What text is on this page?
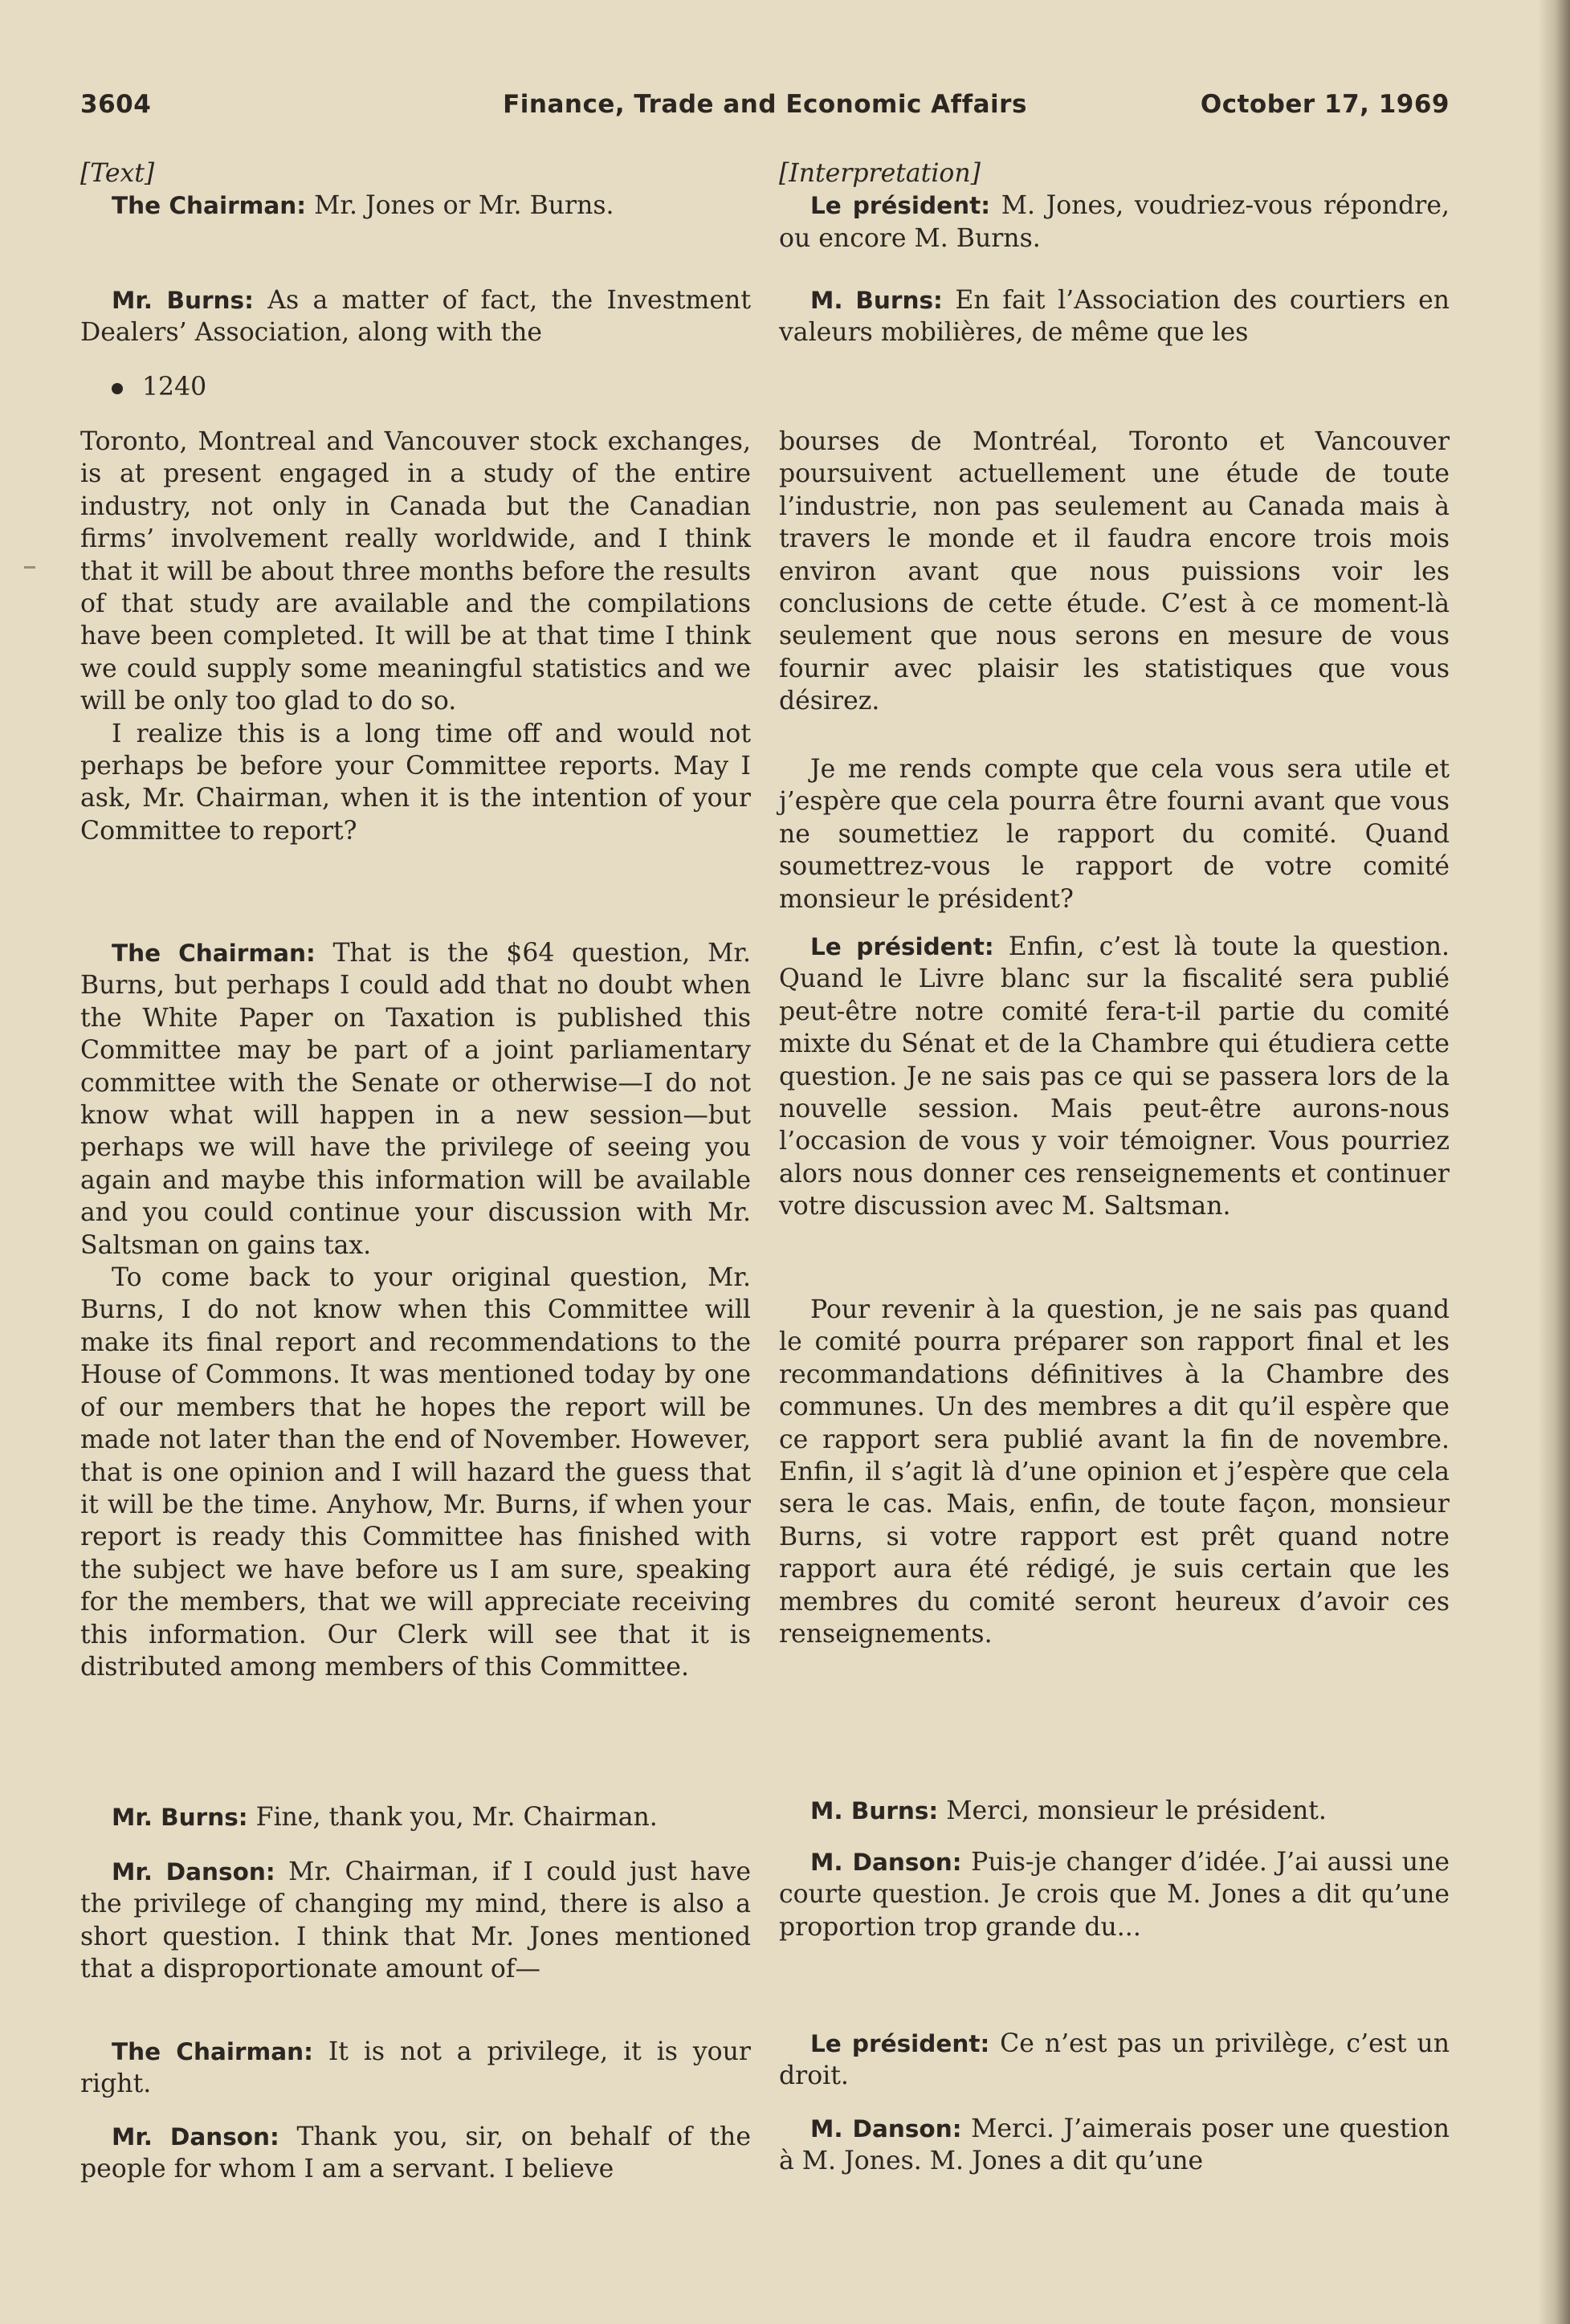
Finance, Trade and Economic Affairs
3604	October 17, 1969

[Text]

The Chairman: Mr. Jones or Mr. Burns.

Mr. Burns: As a matter of fact, the Investment Dealers’ Association, along with the

1240

Toronto, Montreal and Vancouver stock exchanges, is at present engaged in a study of the entire industry, not only in Canada but the Canadian firms’ involvement really worldwide, and I think that it will be about three months before the results of that study are available and the compilations have been completed. It will be at that time I think we could supply some meaningful statistics and we will be only too glad to do so.

I realize this is a long time off and would not perhaps be before your Committee reports. May I ask, Mr. Chairman, when it is the intention of your Committee to report?

The Chairman: That is the $64 question, Mr. Burns, but perhaps I could add that no doubt when the White Paper on Taxation is published this Committee may be part of a joint parliamentary committee with the Senate or otherwise—I do not know what will happen in a new session—but perhaps we will have the privilege of seeing you again and maybe this information will be available and you could continue your discussion with Mr. Saltsman on gains tax.

To come back to your original question, Mr. Burns, I do not know when this Committee will make its final report and recommendations to the House of Commons. It was mentioned today by one of our members that he hopes the report will be made not later than the end of November. However, that is one opinion and I will hazard the guess that it will be the time. Anyhow, Mr. Burns, if when your report is ready this Committee has finished with the subject we have before us I am sure, speaking for the members, that we will appreciate receiving this information. Our Clerk will see that it is distributed among members of this Committee.

Mr. Burns: Fine, thank you, Mr. Chairman.

Mr. Danson: Mr. Chairman, if I could just have the privilege of changing my mind, there is also a short question. I think that Mr. Jones mentioned that a disproportionate amount of—

The Chairman: It is not a privilege, it is your right.

Mr. Danson: Thank you, sir, on behalf of the people for whom I am a servant. I believe

[Interpretation]

Le président: M. Jones, voudriez-vous répondre, ou encore M. Burns.

M. Burns: En fait l’Association des courtiers en valeurs mobilières, de même que les

bourses de Montréal, Toronto et Vancouver poursuivent actuellement une étude de toute l’industrie, non pas seulement au Canada mais à travers le monde et il faudra encore trois mois environ avant que nous puissions voir les conclusions de cette étude. C’est à ce moment-là seulement que nous serons en mesure de vous fournir avec plaisir les statistiques que vous désirez.

Je me rends compte que cela vous sera utile et j’espère que cela pourra être fourni avant que vous ne soumettiez le rapport du comité. Quand soumettrez-vous le rapport de votre comité monsieur le président?

Le président: Enfin, c’est là toute la question. Quand le Livre blanc sur la fiscalité sera publié peut-être notre comité fera-t-il partie du comité mixte du Sénat et de la Chambre qui étudiera cette question. Je ne sais pas ce qui se passera lors de la nouvelle session. Mais peut-être aurons-nous l’occasion de vous y voir témoigner. Vous pourriez alors nous donner ces renseignements et continuer votre discussion avec M. Saltsman.

Pour revenir à la question, je ne sais pas quand le comité pourra préparer son rapport final et les recommandations définitives à la Chambre des communes. Un des membres a dit qu’il espère que ce rapport sera publié avant la fin de novembre. Enfin, il s’agit là d’une opinion et j’espère que cela sera le cas. Mais, enfin, de toute façon, monsieur Burns, si votre rapport est prêt quand notre rapport aura été rédigé, je suis certain que les membres du comité seront heureux d’avoir ces renseignements.

M. Burns: Merci, monsieur le président.

M. Danson: Puis-je changer d’idée. J’ai aussi une courte question. Je crois que M. Jones a dit qu’une proportion trop grande du...

Le président: Ce n’est pas un privilège, c’est un droit.

M. Danson: Merci. J’aimerais poser une question à M. Jones. M. Jones a dit qu’une
